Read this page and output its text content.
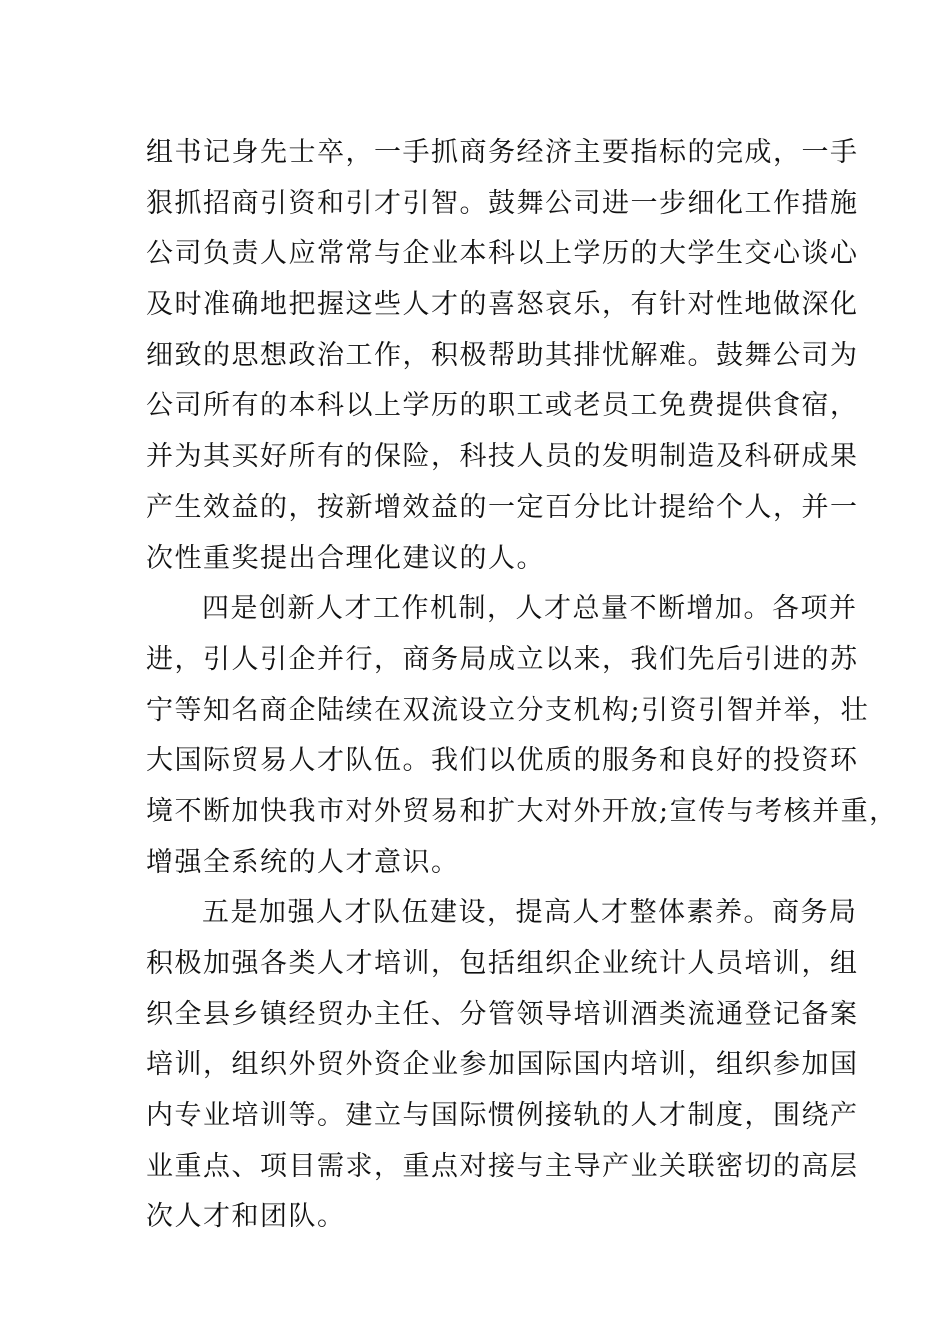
组书记身先士卒，一手抓商务经济主要指标的完成，一手
狠抓招商引资和引才引智。鼓舞公司进一步细化工作措施
公司负责人应常常与企业本科以上学历的大学生交心谈心
及时准确地把握这些人才的喜怒哀乐，有针对性地做深化
细致的思想政治工作，积极帮助其排忧解难。鼓舞公司为
公司所有的本科以上学历的职工或老员工免费提供食宿，
并为其买好所有的保险，科技人员的发明制造及科研成果
产生效益的，按新增效益的一定百分比计提给个人，并一
次性重奖提出合理化建议的人。
四是创新人才工作机制，人才总量不断增加。各项并
进，引人引企并行，商务局成立以来，我们先后引进的苏
宁等知名商企陆续在双流设立分支机构;引资引智并举，壮
大国际贸易人才队伍。我们以优质的服务和良好的投资环
境不断加快我市对外贸易和扩大对外开放;宣传与考核并重，
增强全系统的人才意识。
五是加强人才队伍建设，提高人才整体素养。商务局
积极加强各类人才培训，包括组织企业统计人员培训，组
织全县乡镇经贸办主任、分管领导培训酒类流通登记备案
培训，组织外贸外资企业参加国际国内培训，组织参加国
内专业培训等。建立与国际惯例接轨的人才制度，围绕产
业重点、项目需求，重点对接与主导产业关联密切的高层
次人才和团队。
